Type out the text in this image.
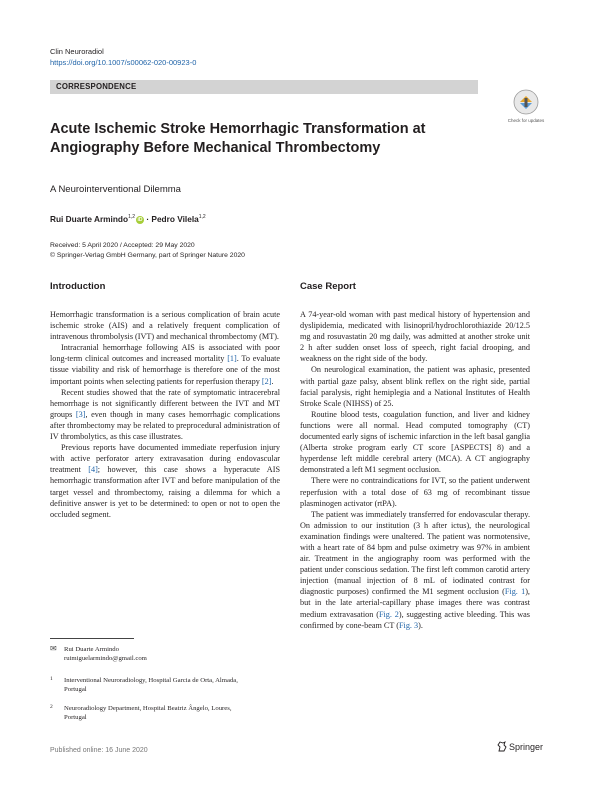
Clin Neuroradiol
https://doi.org/10.1007/s00062-020-00923-0
CORRESPONDENCE
Check for updates
Acute Ischemic Stroke Hemorrhagic Transformation at Angiography Before Mechanical Thrombectomy
A Neurointerventional Dilemma
Rui Duarte Armindo$^{1,2}$ iD · Pedro Vilela$^{1,2}$
Received: 5 April 2020 / Accepted: 29 May 2020
© Springer-Verlag GmbH Germany, part of Springer Nature 2020
Introduction	Case Report

Hemorrhagic transformation is a serious complication of brain acute ischemic stroke (AIS) and a relatively frequent complication of intravenous thrombolysis (IVT) and mechanical thrombectomy (MT).

Intracranial hemorrhage following AIS is associated with poor long-term clinical outcomes and increased mortality [1]. To evaluate tissue viability and risk of hemorrhage is therefore one of the most important points when selecting patients for reperfusion therapy [2].

Recent studies showed that the rate of symptomatic intracerebral hemorrhage is not significantly different between the IVT and MT groups [3], even though in many cases hemorrhagic complications after thrombectomy may be related to preprocedural administration of IV thrombolytics, as this case illustrates.

Previous reports have documented immediate reperfusion injury with active perforator artery extravasation during endovascular treatment [4]; however, this case shows a hyperacute AIS hemorrhagic transformation after IVT and before manipulation of the target vessel and thrombectomy, raising a dilemma for which a definitive answer is yet to be determined: to open or not to open the occluded segment.

A 74-year-old woman with past medical history of hypertension and dyslipidemia, medicated with lisinopril/hydrochlorothiazide 20/12.5 mg and rosuvastatin 20 mg daily, was admitted at another stroke unit 2 h after sudden onset loss of speech, right facial drooping, and weakness on the right side of the body.

On neurological examination, the patient was aphasic, presented with partial gaze palsy, absent blink reflex on the right side, partial facial paralysis, right hemiplegia and a National Institutes of Health Stroke Scale (NIHSS) of 25.

Routine blood tests, coagulation function, and liver and kidney functions were all normal. Head computed tomography (CT) documented early signs of ischemic infarction in the left basal ganglia (Alberta stroke program early CT score [ASPECTS] 8) and a hyperdense left middle cerebral artery (MCA). A CT angiography demonstrated a left M1 segment occlusion.

There were no contraindications for IVT, so the patient underwent reperfusion with a total dose of 63 mg of recombinant tissue plasminogen activator (rtPA).

The patient was immediately transferred for endovascular therapy. On admission to our institution (3 h after ictus), the neurological examination findings were unaltered. The patient was normotensive, with a heart rate of 84 bpm and pulse oximetry was 97% in ambient air. Treatment in the angiography room was performed with the patient under conscious sedation. The first left common carotid artery injection (manual injection of 8 mL of iodinated contrast for diagnostic purposes) confirmed the M1 segment occlusion (Fig. 1), but in the late arterial-capillary phase images there was contrast medium extravasation (Fig. 2), suggesting active bleeding. This was confirmed by cone-beam CT (Fig. 3).

✉ Rui Duarte Armindo
ruimiguelarmindo@gmail.com
1 Interventional Neuroradiology, Hospital Garcia de Orta, Almada, Portugal
2 Neuroradiology Department, Hospital Beatriz Ângelo, Loures, Portugal
Published online: 16 June 2020	Springer
